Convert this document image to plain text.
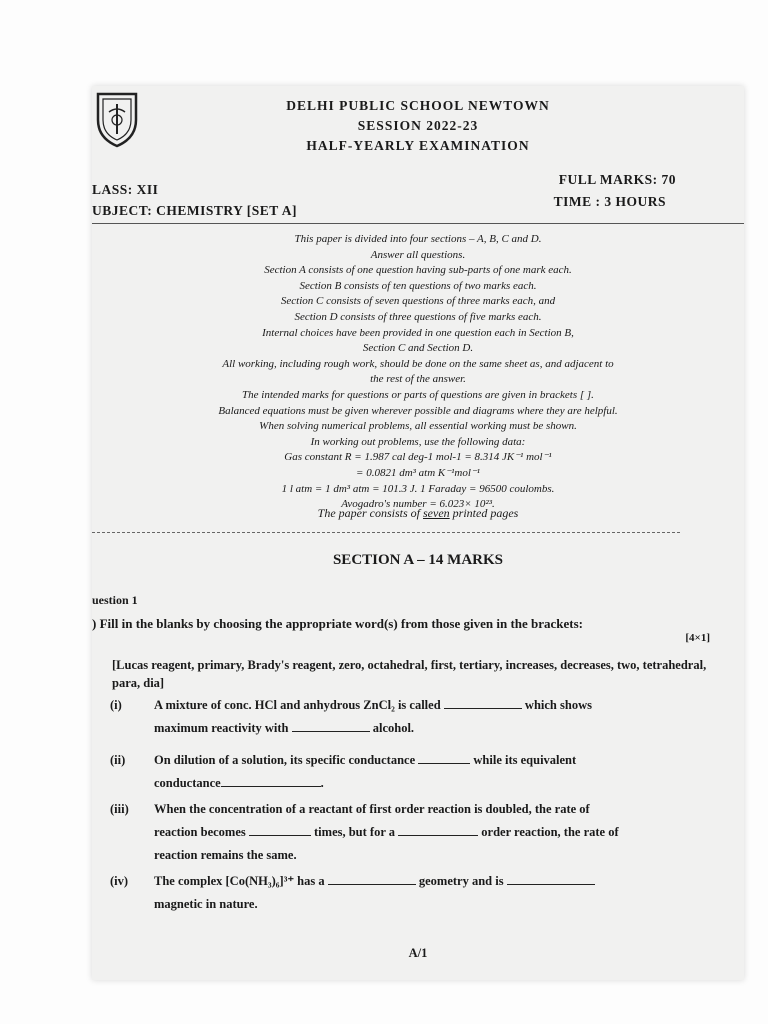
DELHI PUBLIC SCHOOL NEWTOWN
SESSION 2022-23
HALF-YEARLY EXAMINATION
LASS: XII
UBJECT: CHEMISTRY [SET A]
FULL MARKS: 70
TIME : 3 HOURS
This paper is divided into four sections – A, B, C and D.
Answer all questions.
Section A consists of one question having sub-parts of one mark each.
Section B consists of ten questions of two marks each.
Section C consists of seven questions of three marks each, and
Section D consists of three questions of five marks each.
Internal choices have been provided in one question each in Section B,
Section C and Section D.
All working, including rough work, should be done on the same sheet as, and adjacent to
the rest of the answer.
The intended marks for questions or parts of questions are given in brackets [ ].
Balanced equations must be given wherever possible and diagrams where they are helpful.
When solving numerical problems, all essential working must be shown.
In working out problems, use the following data:
Gas constant R = 1.987 cal deg-1 mol-1 = 8.314 JK⁻¹ mol⁻¹
= 0.0821 dm³ atm K⁻¹mol⁻¹
1 l atm = 1 dm³ atm = 101.3 J. 1 Faraday = 96500 coulombs.
Avogadro's number = 6.023× 10²³.
The paper consists of seven printed pages
SECTION A – 14 MARKS
uestion 1
) Fill in the blanks by choosing the appropriate word(s) from those given in the brackets:
[4×1]
[Lucas reagent, primary, Brady's reagent, zero, octahedral, first, tertiary, increases, decreases, two, tetrahedral, para, dia]
(i)	A mixture of conc. HCl and anhydrous ZnCl₂ is called	which shows
maximum reactivity with	alcohol.
(ii) On dilution of a solution, its specific conductance	while its equivalent
conductance	.
(iii) When the concentration of a reactant of first order reaction is doubled, the rate of
reaction becomes	times, but for a	order reaction, the rate of
reaction remains the same.
(iv) The complex [Co(NH₃)₆]³⁺ has a	geometry and is
magnetic in nature.
A/1
